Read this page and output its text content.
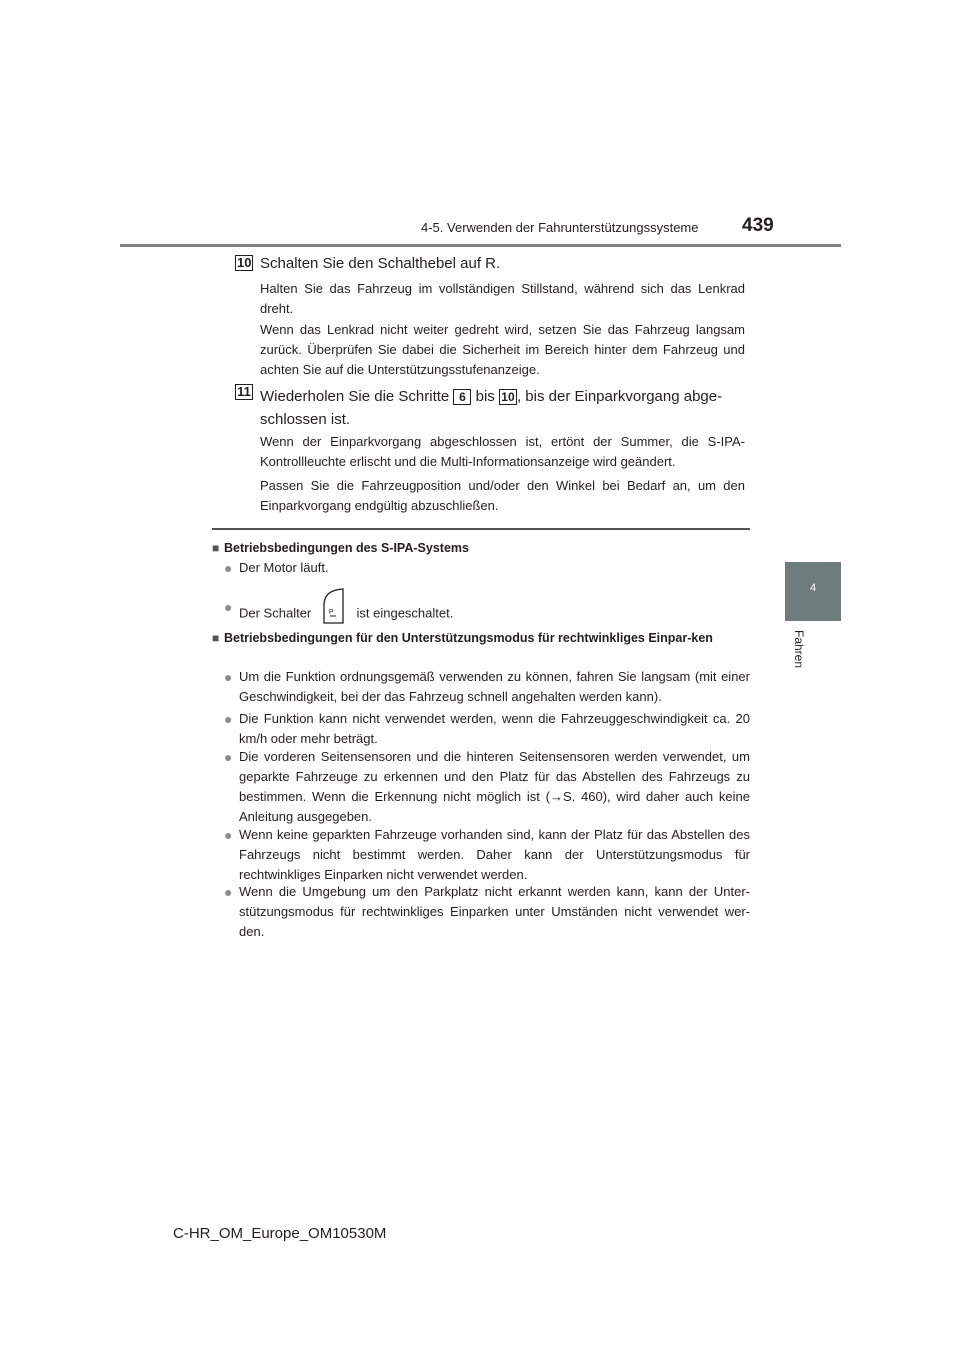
4-5. Verwenden der Fahrunterstützungssysteme 439
4
Fahren
10 Schalten Sie den Schalthebel auf R.
Halten Sie das Fahrzeug im vollständigen Stillstand, während sich das Lenkrad dreht.
Wenn das Lenkrad nicht weiter gedreht wird, setzen Sie das Fahrzeug langsam zurück. Überprüfen Sie dabei die Sicherheit im Bereich hinter dem Fahrzeug und achten Sie auf die Unterstützungsstufenanzeige.
11 Wiederholen Sie die Schritte 6 bis 10 , bis der Einparkvorgang abge-
schlossen ist.
Wenn der Einparkvorgang abgeschlossen ist, ertönt der Summer, die S-IPA-Kontrollleuchte erlischt und die Multi-Informationsanzeige wird geändert.
Passen Sie die Fahrzeugposition und/oder den Winkel bei Bedarf an, um den Einparkvorgang endgültig abzuschließen.
■ Betriebsbedingungen des S-IPA-Systems
● Der Motor läuft.
● Der Schalter	P ist eingeschaltet.
■ Betriebsbedingungen für den Unterstützungsmodus für rechtwinkliges Einpar-ken
● Um die Funktion ordnungsgemäß verwenden zu können, fahren Sie langsam (mit einer Geschwindigkeit, bei der das Fahrzeug schnell angehalten werden kann).
● Die Funktion kann nicht verwendet werden, wenn die Fahrzeuggeschwindigkeit ca. 20 km/h oder mehr beträgt.
● Die vorderen Seitensensoren und die hinteren Seitensensoren werden verwendet, um geparkte Fahrzeuge zu erkennen und den Platz für das Abstellen des Fahrzeugs zu bestimmen. Wenn die Erkennung nicht möglich ist (→S. 460), wird daher auch keine Anleitung ausgegeben.
● Wenn keine geparkten Fahrzeuge vorhanden sind, kann der Platz für das Abstellen des Fahrzeugs nicht bestimmt werden. Daher kann der Unterstützungsmodus für rechtwinkliges Einparken nicht verwendet werden.
● Wenn die Umgebung um den Parkplatz nicht erkannt werden kann, kann der Unter-stützungsmodus für rechtwinkliges Einparken unter Umständen nicht verwendet wer-den.
C-HR_OM_Europe_OM10530M
